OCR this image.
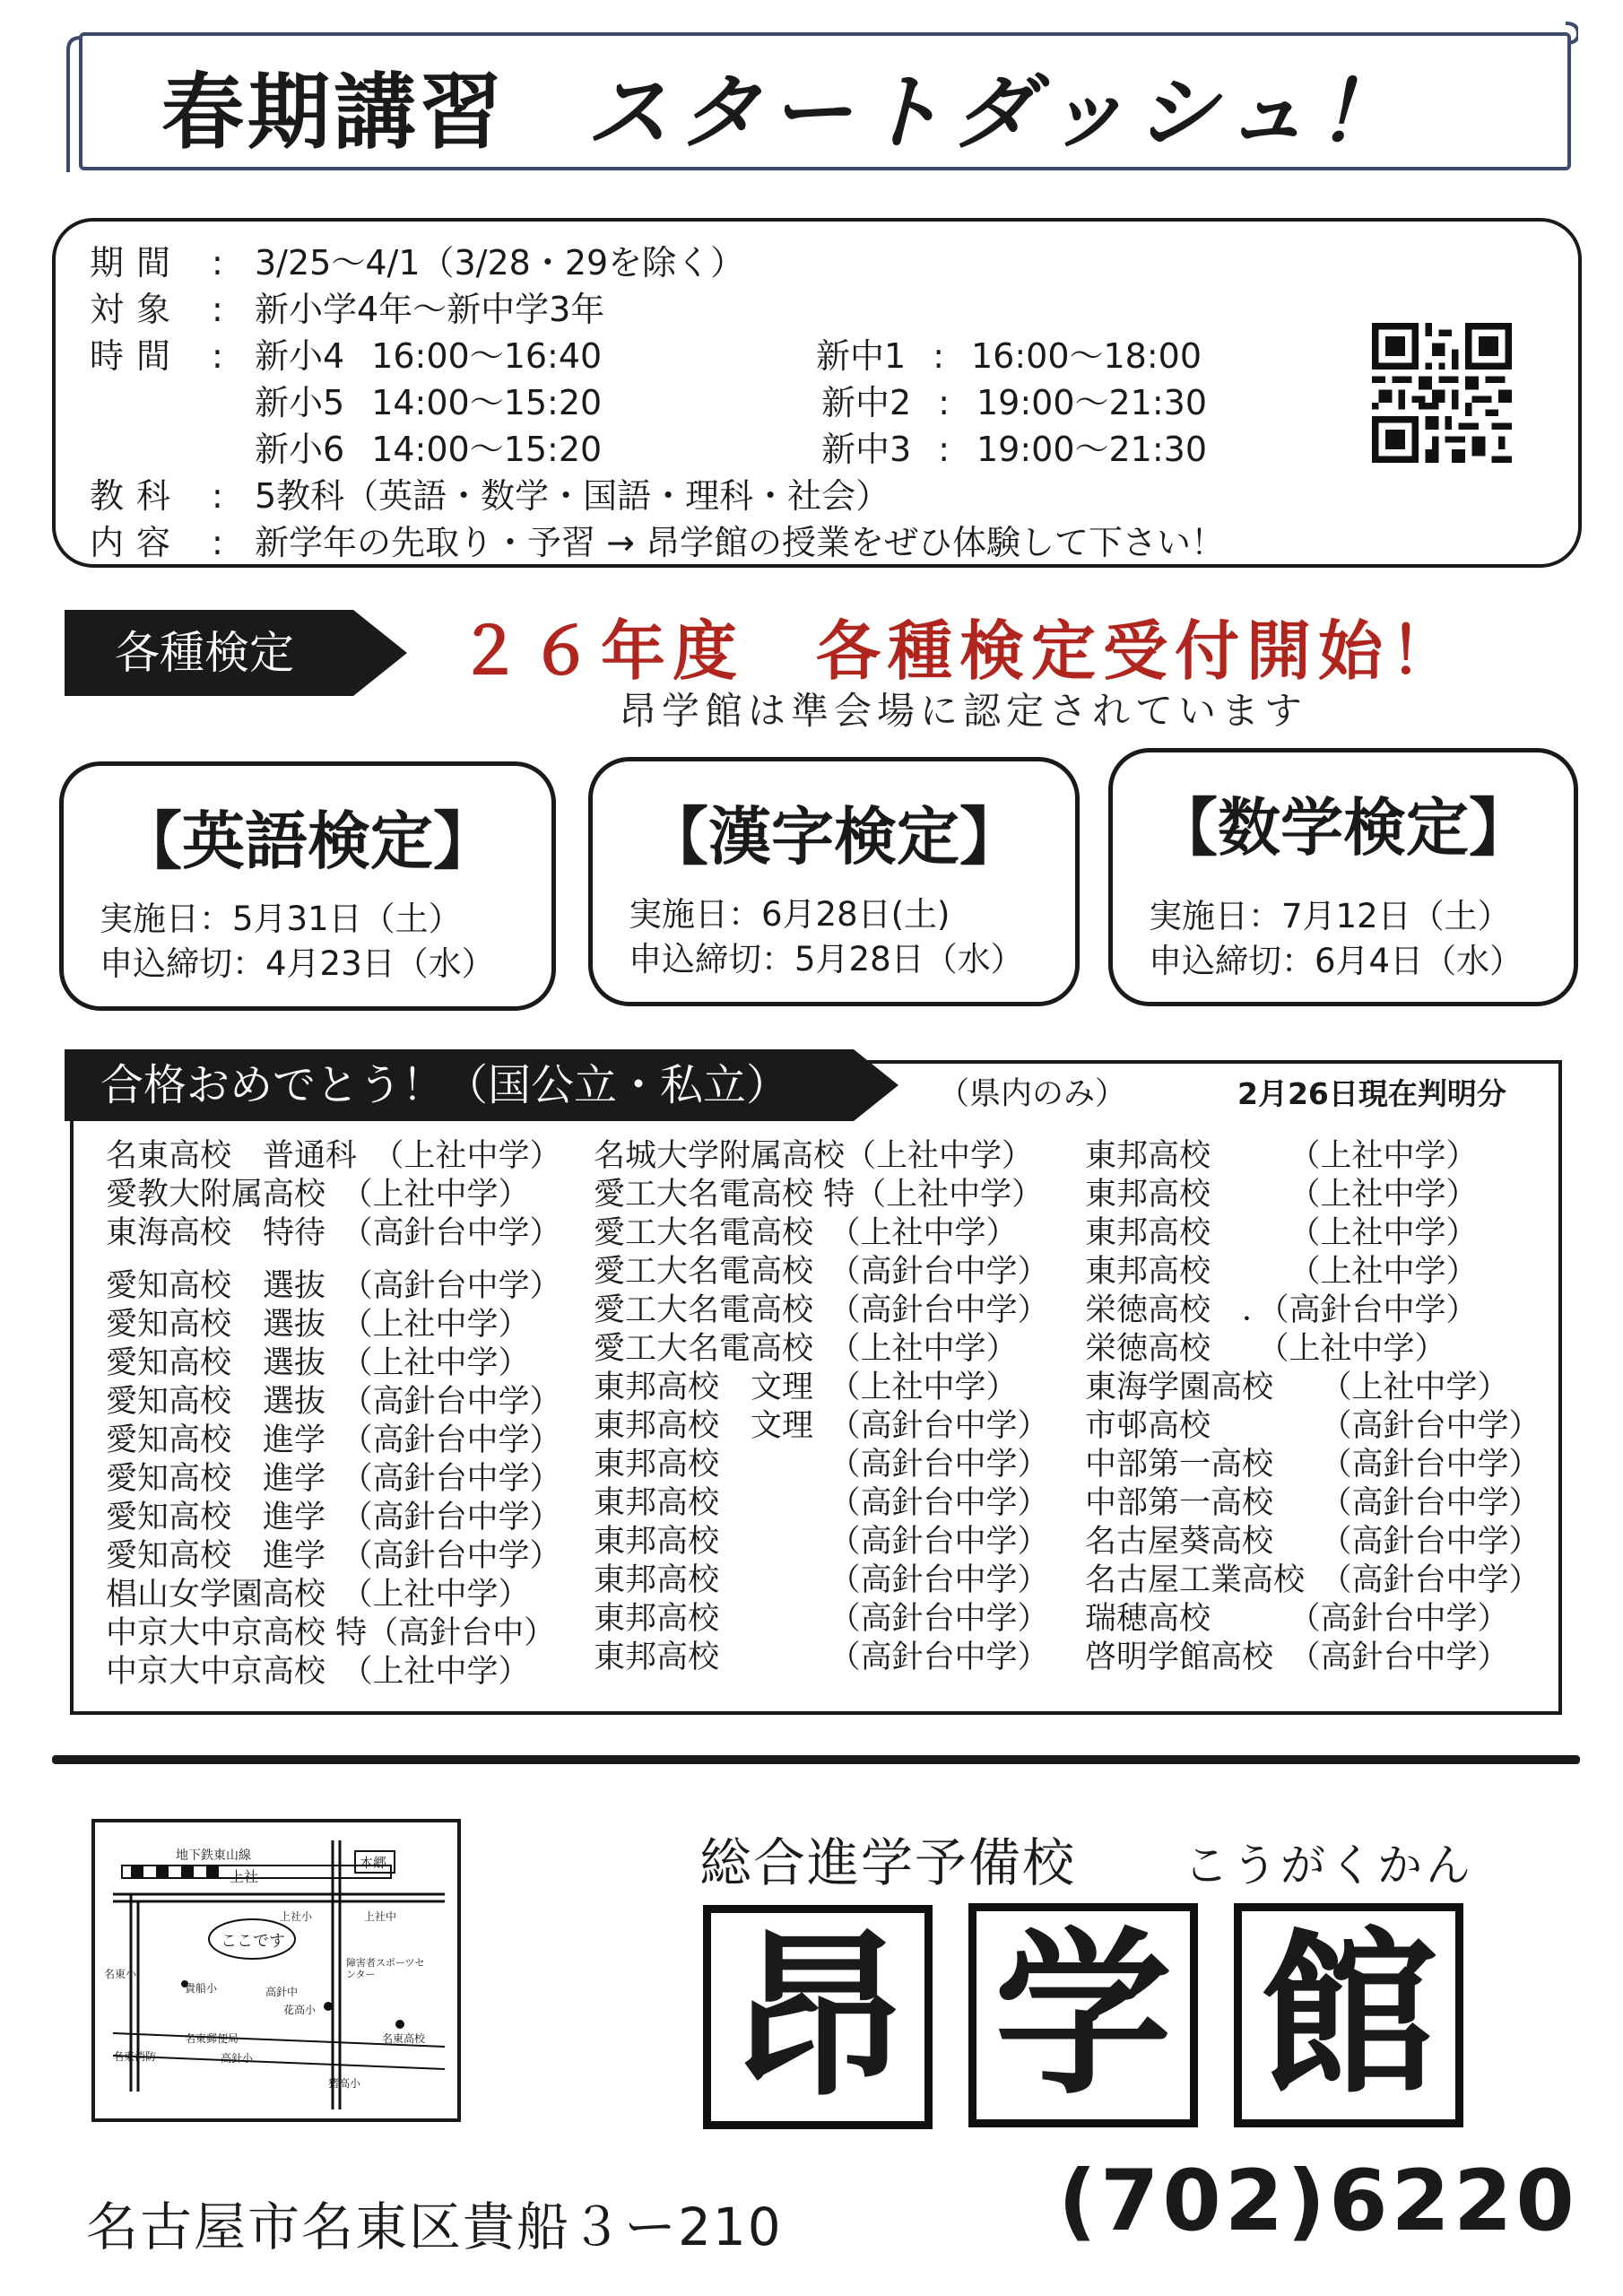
春期講習 スタートダッシュ！
期間 : 3/25〜4/1（3/28・29を除く）
対象 : 新小学4年〜新中学3年
時間 : 新小4 16:00〜16:40
新小5 14:00〜15:20
新小6 14:00〜15:20
新中1 : 16:00〜18:00
新中2 : 19:00〜21:30
新中3 : 19:00〜21:30
教科 : 5教科（英語・数学・国語・理科・社会）
内容 : 新学年の先取り・予習 → 昂学館の授業をぜひ体験して下さい！
各種検定	２６年度　各種検定受付開始！
昂学館は準会場に認定されています
【英語検定】
実施日：5月31日（土）
申込締切：4月23日（水）
【漢字検定】
実施日：6月28日(土)
申込締切：5月28日（水）
【数学検定】
実施日：7月12日（土）
申込締切：6月4日（水）
合格おめでとう！（国公立・私立）	（県内のみ）	2月26日現在判明分
名東高校　普通科　（上社中学）
愛教大附属高校　（上社中学）
東海高校　特待　（高針台中学）
愛知高校　選抜　（高針台中学）
愛知高校　選抜　（上社中学）
愛知高校　選抜　（上社中学）
愛知高校　選抜　（高針台中学）
愛知高校　進学　（高針台中学）
愛知高校　進学　（高針台中学）
愛知高校　進学　（高針台中学）
愛知高校　進学　（高針台中学）
椙山女学園高校　（上社中学）
中京大中京高校 特（高針台中）
中京大中京高校　（上社中学）
名城大学附属高校（上社中学）
愛工大名電高校 特（上社中学）
愛工大名電高校　（上社中学）
愛工大名電高校　（高針台中学）
愛工大名電高校　（高針台中学）
愛工大名電高校　（上社中学）
東邦高校　文理　（上社中学）
東邦高校　文理　（高針台中学）
東邦高校　　　　（高針台中学）
東邦高校　　　　（高針台中学）
東邦高校　　　　（高針台中学）
東邦高校　　　　（高針台中学）
東邦高校　　　　（高針台中学）
東邦高校　　　　（高針台中学）
東邦高校　　　（上社中学）
東邦高校　　　（上社中学）
東邦高校　　　（上社中学）
東邦高校　　　（上社中学）
栄徳高校　．（高針台中学）
栄徳高校　　（上社中学）
東海学園高校　　（上社中学）
市邨高校　　　　（高針台中学）
中部第一高校　　（高針台中学）
中部第一高校　　（高針台中学）
名古屋葵高校　　（高針台中学）
名古屋工業高校　（高針台中学）
瑞穂高校　　　（高針台中学）
啓明学館高校　（高針台中学）
地下鉄東山線
上社
本郷
ここです
上社小	上社中
名東小
貴船小	高針中
花高小
障害者スポーツセンター
名東高校
名東郵便局
高針小
猪高小
名東消防
総合進学予備校 こうがくかん
昂 学 館
名古屋市名東区貴船３ー210	(702)6220
